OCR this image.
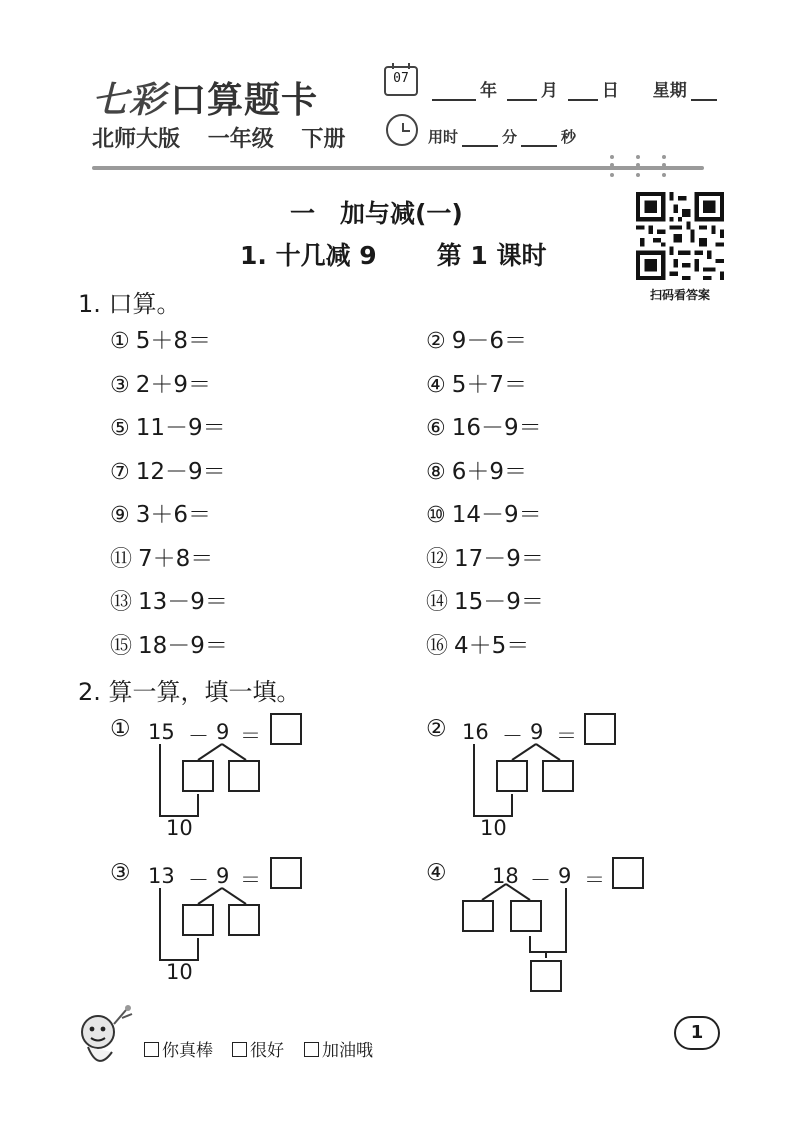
七彩 口算题卡
北师大版 一年级 下册
07
年	月	日 星期
用时	分	秒
一　加与减(一)
1. 十几减 9 第 1 课时
扫码看答案
1. 口算。
① 5＋8＝	② 9－6＝
③ 2＋9＝	④ 5＋7＝
⑤ 11－9＝	⑥ 16－9＝
⑦ 12－9＝	⑧ 6＋9＝
⑨ 3＋6＝	⑩ 14－9＝
⑪ 7＋8＝	⑫ 17－9＝
⑬ 13－9＝	⑭ 15－9＝
⑮ 18－9＝	⑯ 4＋5＝
2. 算一算，填一填。
① 15 － 9 ＝
10
② 16 － 9 ＝
10
③ 13 － 9 ＝
10
④ 18 － 9 ＝
你真棒	很好	加油哦
1
